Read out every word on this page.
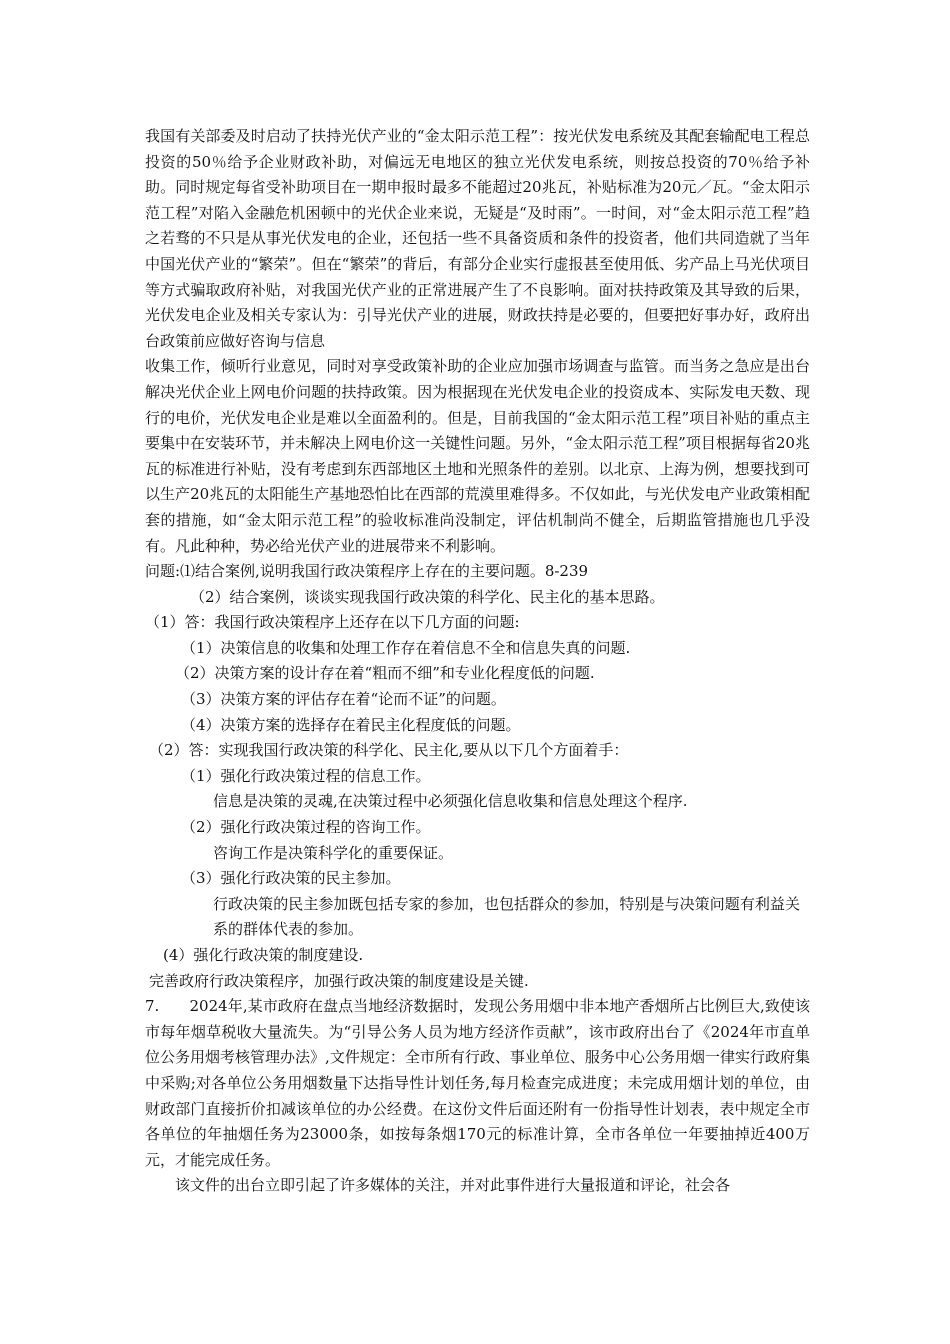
我国有关部委及时启动了扶持光伏产业的“金太阳示范工程”：按光伏发电系统及其配套输配电工程总投资的50％给予企业财政补助，对偏远无电地区的独立光伏发电系统，则按总投资的70％给予补助。同时规定每省受补助项目在一期申报时最多不能超过20兆瓦，补贴标准为20元／瓦。“金太阳示范工程”对陷入金融危机困顿中的光伏企业来说，无疑是“及时雨”。一时间，对“金太阳示范工程”趋之若骛的不只是从事光伏发电的企业，还包括一些不具备资质和条件的投资者，他们共同造就了当年中国光伏产业的“繁荣”。但在“繁荣”的背后，有部分企业实行虚报甚至使用低、劣产品上马光伏项目等方式骗取政府补贴，对我国光伏产业的正常进展产生了不良影响。面对扶持政策及其导致的后果，光伏发电企业及相关专家认为：引导光伏产业的进展，财政扶持是必要的，但要把好事办好，政府出台政策前应做好咨询与信息

收集工作，倾听行业意见，同时对享受政策补助的企业应加强市场调查与监管。而当务之急应是出台解决光伏企业上网电价问题的扶持政策。因为根据现在光伏发电企业的投资成本、实际发电天数、现行的电价，光伏发电企业是难以全面盈利的。但是，目前我国的“金太阳示范工程”项目补贴的重点主要集中在安装环节，并未解决上网电价这一关键性问题。另外，“金太阳示范工程”项目根据每省20兆瓦的标准进行补贴，没有考虑到东西部地区土地和光照条件的差别。以北京、上海为例，想要找到可以生产20兆瓦的太阳能生产基地恐怕比在西部的荒漠里难得多。不仅如此，与光伏发电产业政策相配套的措施，如“金太阳示范工程”的验收标准尚没制定，评估机制尚不健全，后期监管措施也几乎没有。凡此种种，势必给光伏产业的进展带来不利影响。

问题:⑴结合案例,说明我国行政决策程序上存在的主要问题。8-239

（2）结合案例，谈谈实现我国行政决策的科学化、民主化的基本思路。

（1）答：我国行政决策程序上还存在以下几方面的问题:

（1）决策信息的收集和处理工作存在着信息不全和信息失真的问题.

（2）决策方案的设计存在着“粗而不细”和专业化程度低的问题.

（3）决策方案的评估存在着“论而不证”的问题。

（4）决策方案的选择存在着民主化程度低的问题。

（2）答：实现我国行政决策的科学化、民主化,要从以下几个方面着手：

（1）强化行政决策过程的信息工作。

信息是决策的灵魂,在决策过程中必须强化信息收集和信息处理这个程序.

（2）强化行政决策过程的咨询工作。

咨询工作是决策科学化的重要保证。

（3）强化行政决策的民主参加。

行政决策的民主参加既包括专家的参加，也包括群众的参加，特别是与决策问题有利益关系的群体代表的参加。

(4）强化行政决策的制度建设.

完善政府行政决策程序，加强行政决策的制度建设是关键.

7.　　2024年,某市政府在盘点当地经济数据时，发现公务用烟中非本地产香烟所占比例巨大,致使该市每年烟草税收大量流失。为“引导公务人员为地方经济作贡献”，该市政府出台了《2024年市直单位公务用烟考核管理办法》,文件规定：全市所有行政、事业单位、服务中心公务用烟一律实行政府集中采购;对各单位公务用烟数量下达指导性计划任务,每月检查完成进度；未完成用烟计划的单位，由财政部门直接折价扣减该单位的办公经费。在这份文件后面还附有一份指导性计划表，表中规定全市各单位的年抽烟任务为23000条，如按每条烟170元的标准计算，全市各单位一年要抽掉近400万元，才能完成任务。

该文件的出台立即引起了许多媒体的关注，并对此事件进行大量报道和评论，社会各
